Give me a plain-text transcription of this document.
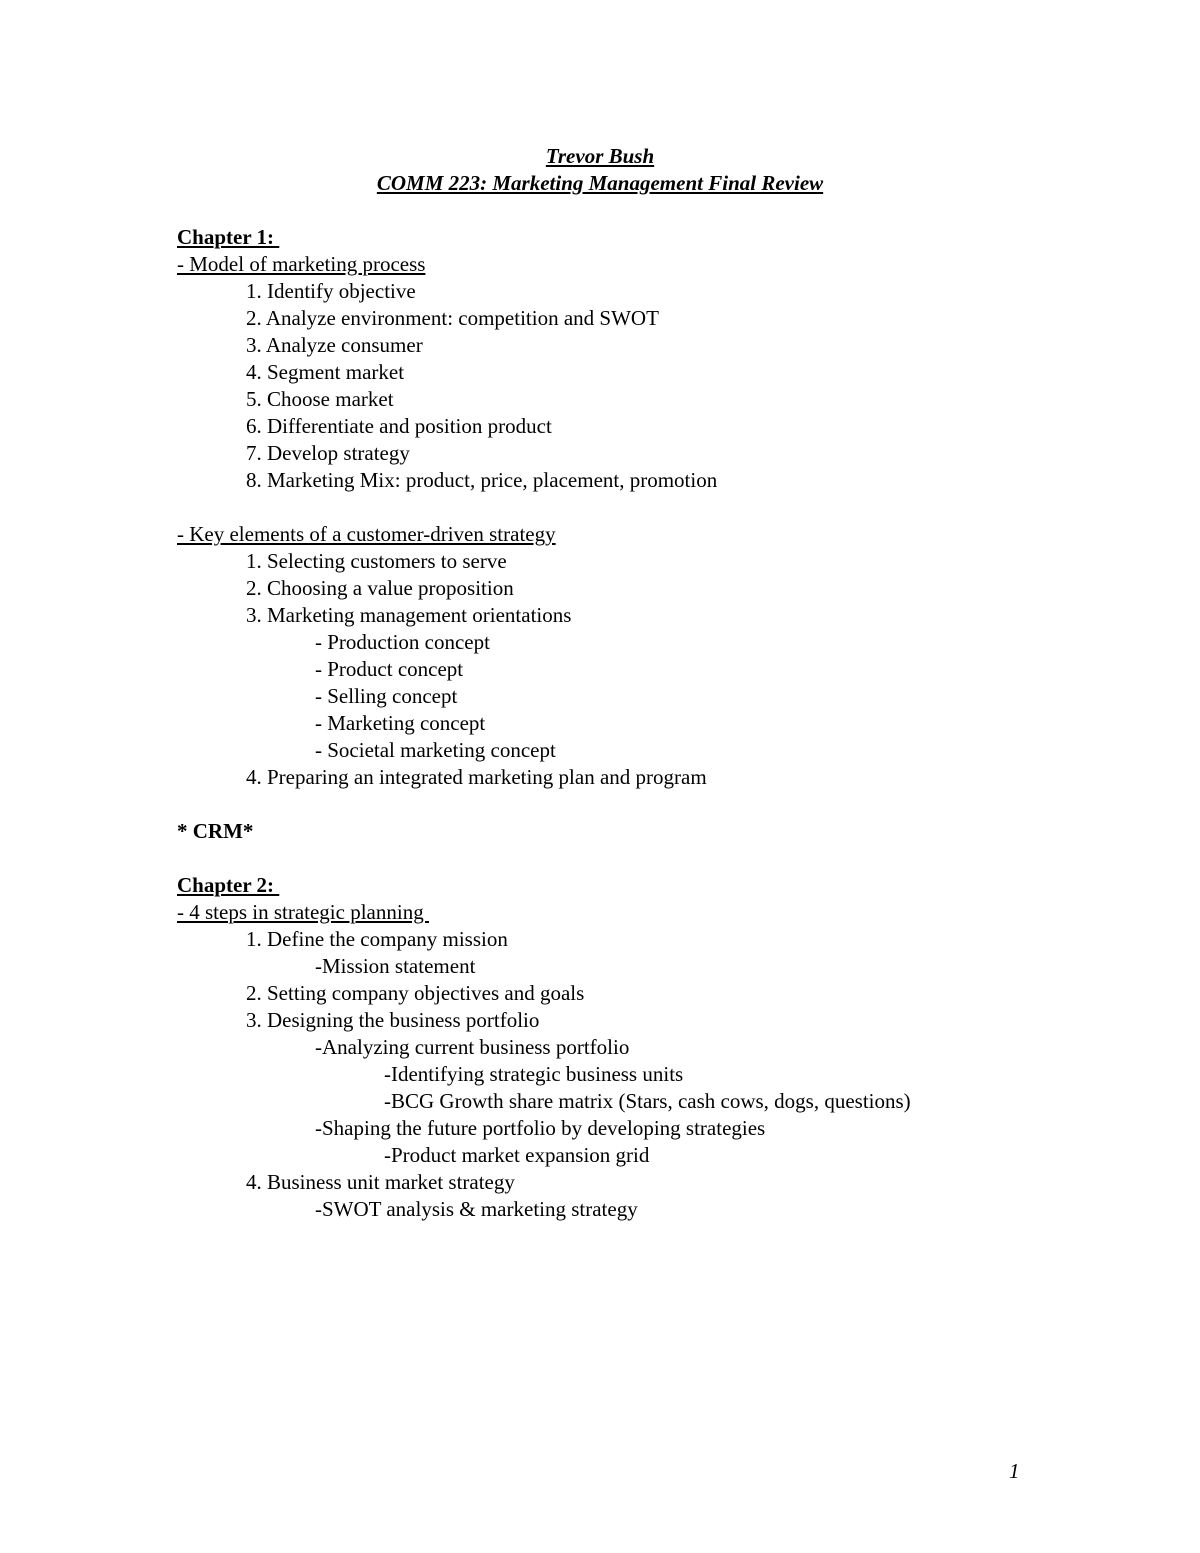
Trevor Bush
COMM 223: Marketing Management Final Review
Chapter 1:
- Model of marketing process
1. Identify objective
2. Analyze environment: competition and SWOT
3. Analyze consumer
4. Segment market
5. Choose market
6. Differentiate and position product
7. Develop strategy
8. Marketing Mix: product, price, placement, promotion
- Key elements of a customer-driven strategy
1. Selecting customers to serve
2. Choosing a value proposition
3. Marketing management orientations
- Production concept
- Product concept
- Selling concept
- Marketing concept
- Societal marketing concept
4. Preparing an integrated marketing plan and program
* CRM*
Chapter 2:
- 4 steps in strategic planning
1. Define the company mission
-Mission statement
2. Setting company objectives and goals
3. Designing the business portfolio
-Analyzing current business portfolio
-Identifying strategic business units
-BCG Growth share matrix (Stars, cash cows, dogs, questions)
-Shaping the future portfolio by developing strategies
-Product market expansion grid
4. Business unit market strategy
-SWOT analysis & marketing strategy
1
